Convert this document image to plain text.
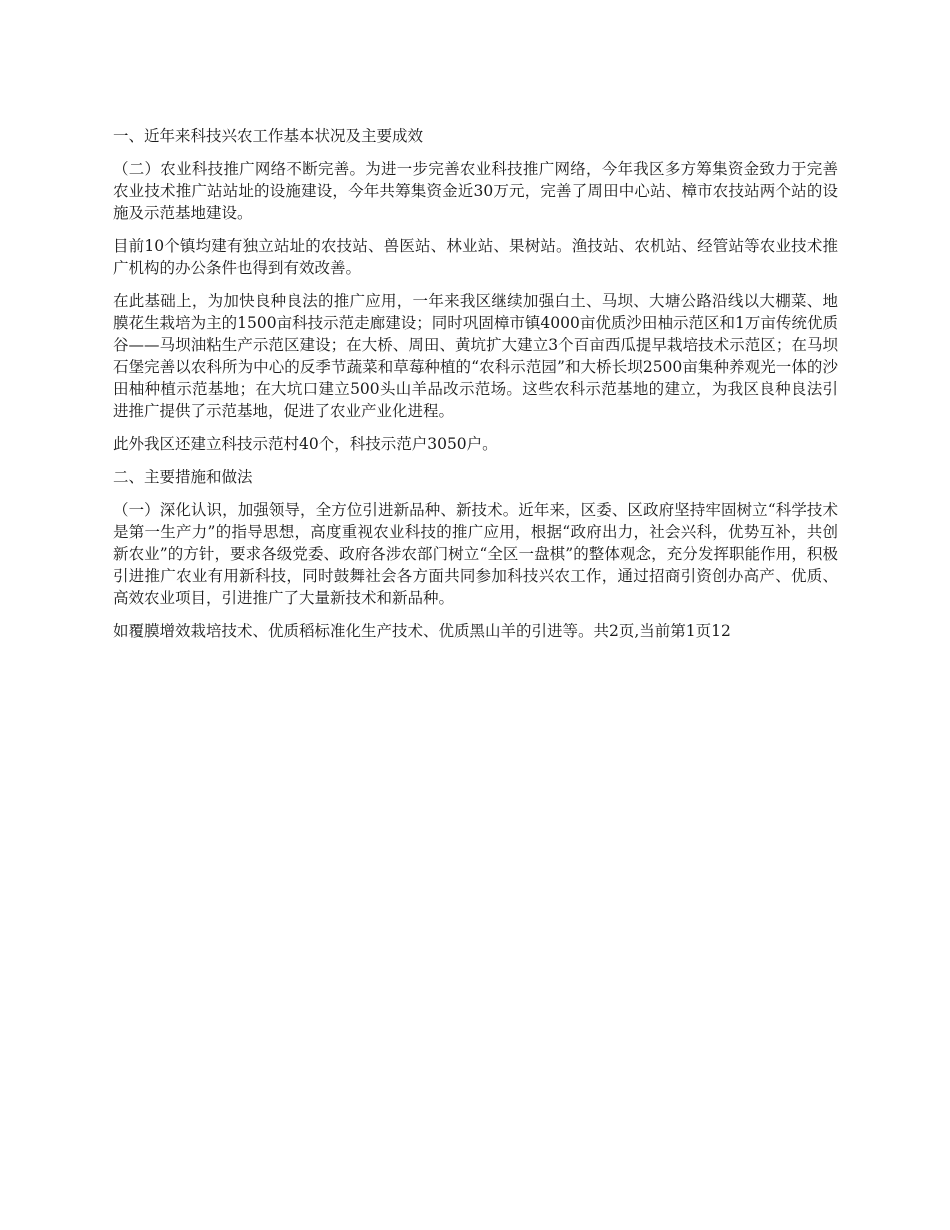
一、近年来科技兴农工作基本状况及主要成效

（二）农业科技推广网络不断完善。为进一步完善农业科技推广网络，今年我区多方筹集资金致力于完善农业技术推广站站址的设施建设，今年共筹集资金近30万元，完善了周田中心站、樟市农技站两个站的设施及示范基地建设。

目前10个镇均建有独立站址的农技站、兽医站、林业站、果树站。渔技站、农机站、经管站等农业技术推广机构的办公条件也得到有效改善。

在此基础上，为加快良种良法的推广应用，一年来我区继续加强白土、马坝、大塘公路沿线以大棚菜、地膜花生栽培为主的1500亩科技示范走廊建设；同时巩固樟市镇4000亩优质沙田柚示范区和1万亩传统优质谷——马坝油粘生产示范区建设；在大桥、周田、黄坑扩大建立3个百亩西瓜提早栽培技术示范区；在马坝石堡完善以农科所为中心的反季节蔬菜和草莓种植的“农科示范园”和大桥长坝2500亩集种养观光一体的沙田柚种植示范基地；在大坑口建立500头山羊品改示范场。这些农科示范基地的建立，为我区良种良法引进推广提供了示范基地，促进了农业产业化进程。

此外我区还建立科技示范村40个，科技示范户3050户。

二、主要措施和做法

（一）深化认识，加强领导，全方位引进新品种、新技术。近年来，区委、区政府坚持牢固树立“科学技术是第一生产力”的指导思想，高度重视农业科技的推广应用，根据“政府出力，社会兴科，优势互补，共创新农业”的方针，要求各级党委、政府各涉农部门树立“全区一盘棋”的整体观念，充分发挥职能作用，积极引进推广农业有用新科技，同时鼓舞社会各方面共同参加科技兴农工作，通过招商引资创办高产、优质、高效农业项目，引进推广了大量新技术和新品种。

如覆膜增效栽培技术、优质稻标准化生产技术、优质黑山羊的引进等。共2页,当前第1页12
